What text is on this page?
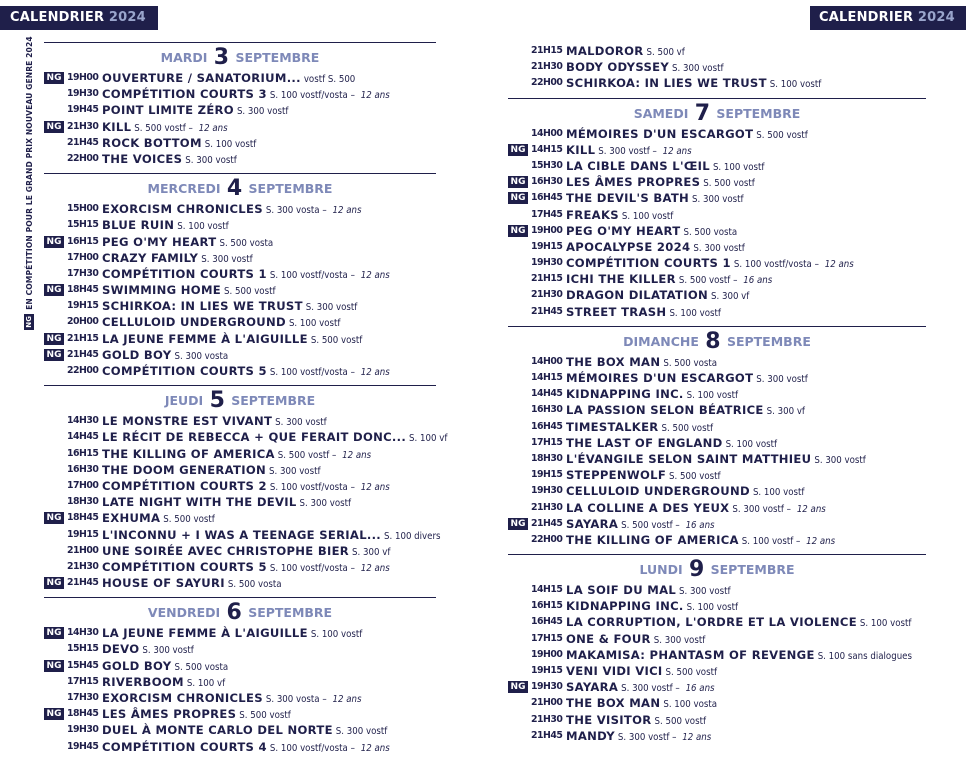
CALENDRIER 2024	CALENDRIER 2024
NG
EN COMPÉTITION POUR LE GRAND PRIX NOUVEAU GENRE 2024	MARDI 3 SEPTEMBRE
NG 19H00 OUVERTURE / SANATORIUM... vostf S. 500
19H30 COMPÉTITION COURTS 3 S. 100 vostf/vosta – 12 ans
19H45 POINT LIMITE ZÉRO S. 300 vostf
NG 21H30 KILL S. 500 vostf – 12 ans
21H45 ROCK BOTTOM S. 100 vostf
22H00 THE VOICES S. 300 vostf
MERCREDI 4 SEPTEMBRE
15H00 EXORCISM CHRONICLES S. 300 vosta – 12 ans
15H15 BLUE RUIN S. 100 vostf
NG 16H15 PEG O'MY HEART S. 500 vosta
17H00 CRAZY FAMILY S. 300 vostf
17H30 COMPÉTITION COURTS 1 S. 100 vostf/vosta – 12 ans
NG 18H45 SWIMMING HOME S. 500 vostf
19H15 SCHIRKOA: IN LIES WE TRUST S. 300 vostf
20H00 CELLULOID UNDERGROUND S. 100 vostf
NG 21H15 LA JEUNE FEMME À L'AIGUILLE S. 500 vostf
NG 21H45 GOLD BOY S. 300 vosta
22H00 COMPÉTITION COURTS 5 S. 100 vostf/vosta – 12 ans
JEUDI 5 SEPTEMBRE
14H30 LE MONSTRE EST VIVANT S. 300 vostf
14H45 LE RÉCIT DE REBECCA + QUE FERAIT DONC... S. 100 vf
16H15 THE KILLING OF AMERICA S. 500 vostf – 12 ans
16H30 THE DOOM GENERATION S. 300 vostf
17H00 COMPÉTITION COURTS 2 S. 100 vostf/vosta – 12 ans
18H30 LATE NIGHT WITH THE DEVIL S. 300 vostf
NG 18H45 EXHUMA S. 500 vostf
19H15 L'INCONNU + I WAS A TEENAGE SERIAL... S. 100 divers
21H00 UNE SOIRÉE AVEC CHRISTOPHE BIER S. 300 vf
21H30 COMPÉTITION COURTS 5 S. 100 vostf/vosta – 12 ans
NG 21H45 HOUSE OF SAYURI S. 500 vosta
VENDREDI 6 SEPTEMBRE
NG 14H30 LA JEUNE FEMME À L'AIGUILLE S. 100 vostf
15H15 DEVO S. 300 vostf
NG 15H45 GOLD BOY S. 500 vosta
17H15 RIVERBOOM S. 100 vf
17H30 EXORCISM CHRONICLES S. 300 vosta – 12 ans
NG 18H45 LES ÂMES PROPRES S. 500 vostf
19H30 DUEL À MONTE CARLO DEL NORTE S. 300 vostf
19H45 COMPÉTITION COURTS 4 S. 100 vostf/vosta – 12 ans
21H15 MALDOROR S. 500 vf
21H30 BODY ODYSSEY S. 300 vostf
22H00 SCHIRKOA: IN LIES WE TRUST S. 100 vostf
SAMEDI 7 SEPTEMBRE
14H00 MÉMOIRES D'UN ESCARGOT S. 500 vostf
NG 14H15 KILL S. 300 vostf – 12 ans
15H30 LA CIBLE DANS L'ŒIL S. 100 vostf
NG 16H30 LES ÂMES PROPRES S. 500 vostf
NG 16H45 THE DEVIL'S BATH S. 300 vostf
17H45 FREAKS S. 100 vostf
NG 19H00 PEG O'MY HEART S. 500 vosta
19H15 APOCALYPSE 2024 S. 300 vostf
19H30 COMPÉTITION COURTS 1 S. 100 vostf/vosta – 12 ans
21H15 ICHI THE KILLER S. 500 vostf – 16 ans
21H30 DRAGON DILATATION S. 300 vf
21H45 STREET TRASH S. 100 vostf
DIMANCHE 8 SEPTEMBRE
14H00 THE BOX MAN S. 500 vosta
14H15 MÉMOIRES D'UN ESCARGOT S. 300 vostf
14H45 KIDNAPPING INC. S. 100 vostf
16H30 LA PASSION SELON BÉATRICE S. 300 vf
16H45 TIMESTALKER S. 500 vostf
17H15 THE LAST OF ENGLAND S. 100 vostf
18H30 L'ÉVANGILE SELON SAINT MATTHIEU S. 300 vostf
19H15 STEPPENWOLF S. 500 vostf
19H30 CELLULOID UNDERGROUND S. 100 vostf
21H30 LA COLLINE A DES YEUX S. 300 vostf – 12 ans
NG 21H45 SAYARA S. 500 vostf – 16 ans
22H00 THE KILLING OF AMERICA S. 100 vostf – 12 ans
LUNDI 9 SEPTEMBRE
14H15 LA SOIF DU MAL S. 300 vostf
16H15 KIDNAPPING INC. S. 100 vostf
16H45 LA CORRUPTION, L'ORDRE ET LA VIOLENCE S. 100 vostf
17H15 ONE & FOUR S. 300 vostf
19H00 MAKAMISA: PHANTASM OF REVENGE S. 100 sans dialogues
19H15 VENI VIDI VICI S. 500 vostf
NG 19H30 SAYARA S. 300 vostf – 16 ans
21H00 THE BOX MAN S. 100 vosta
21H30 THE VISITOR S. 500 vostf
21H45 MANDY S. 300 vostf – 12 ans
